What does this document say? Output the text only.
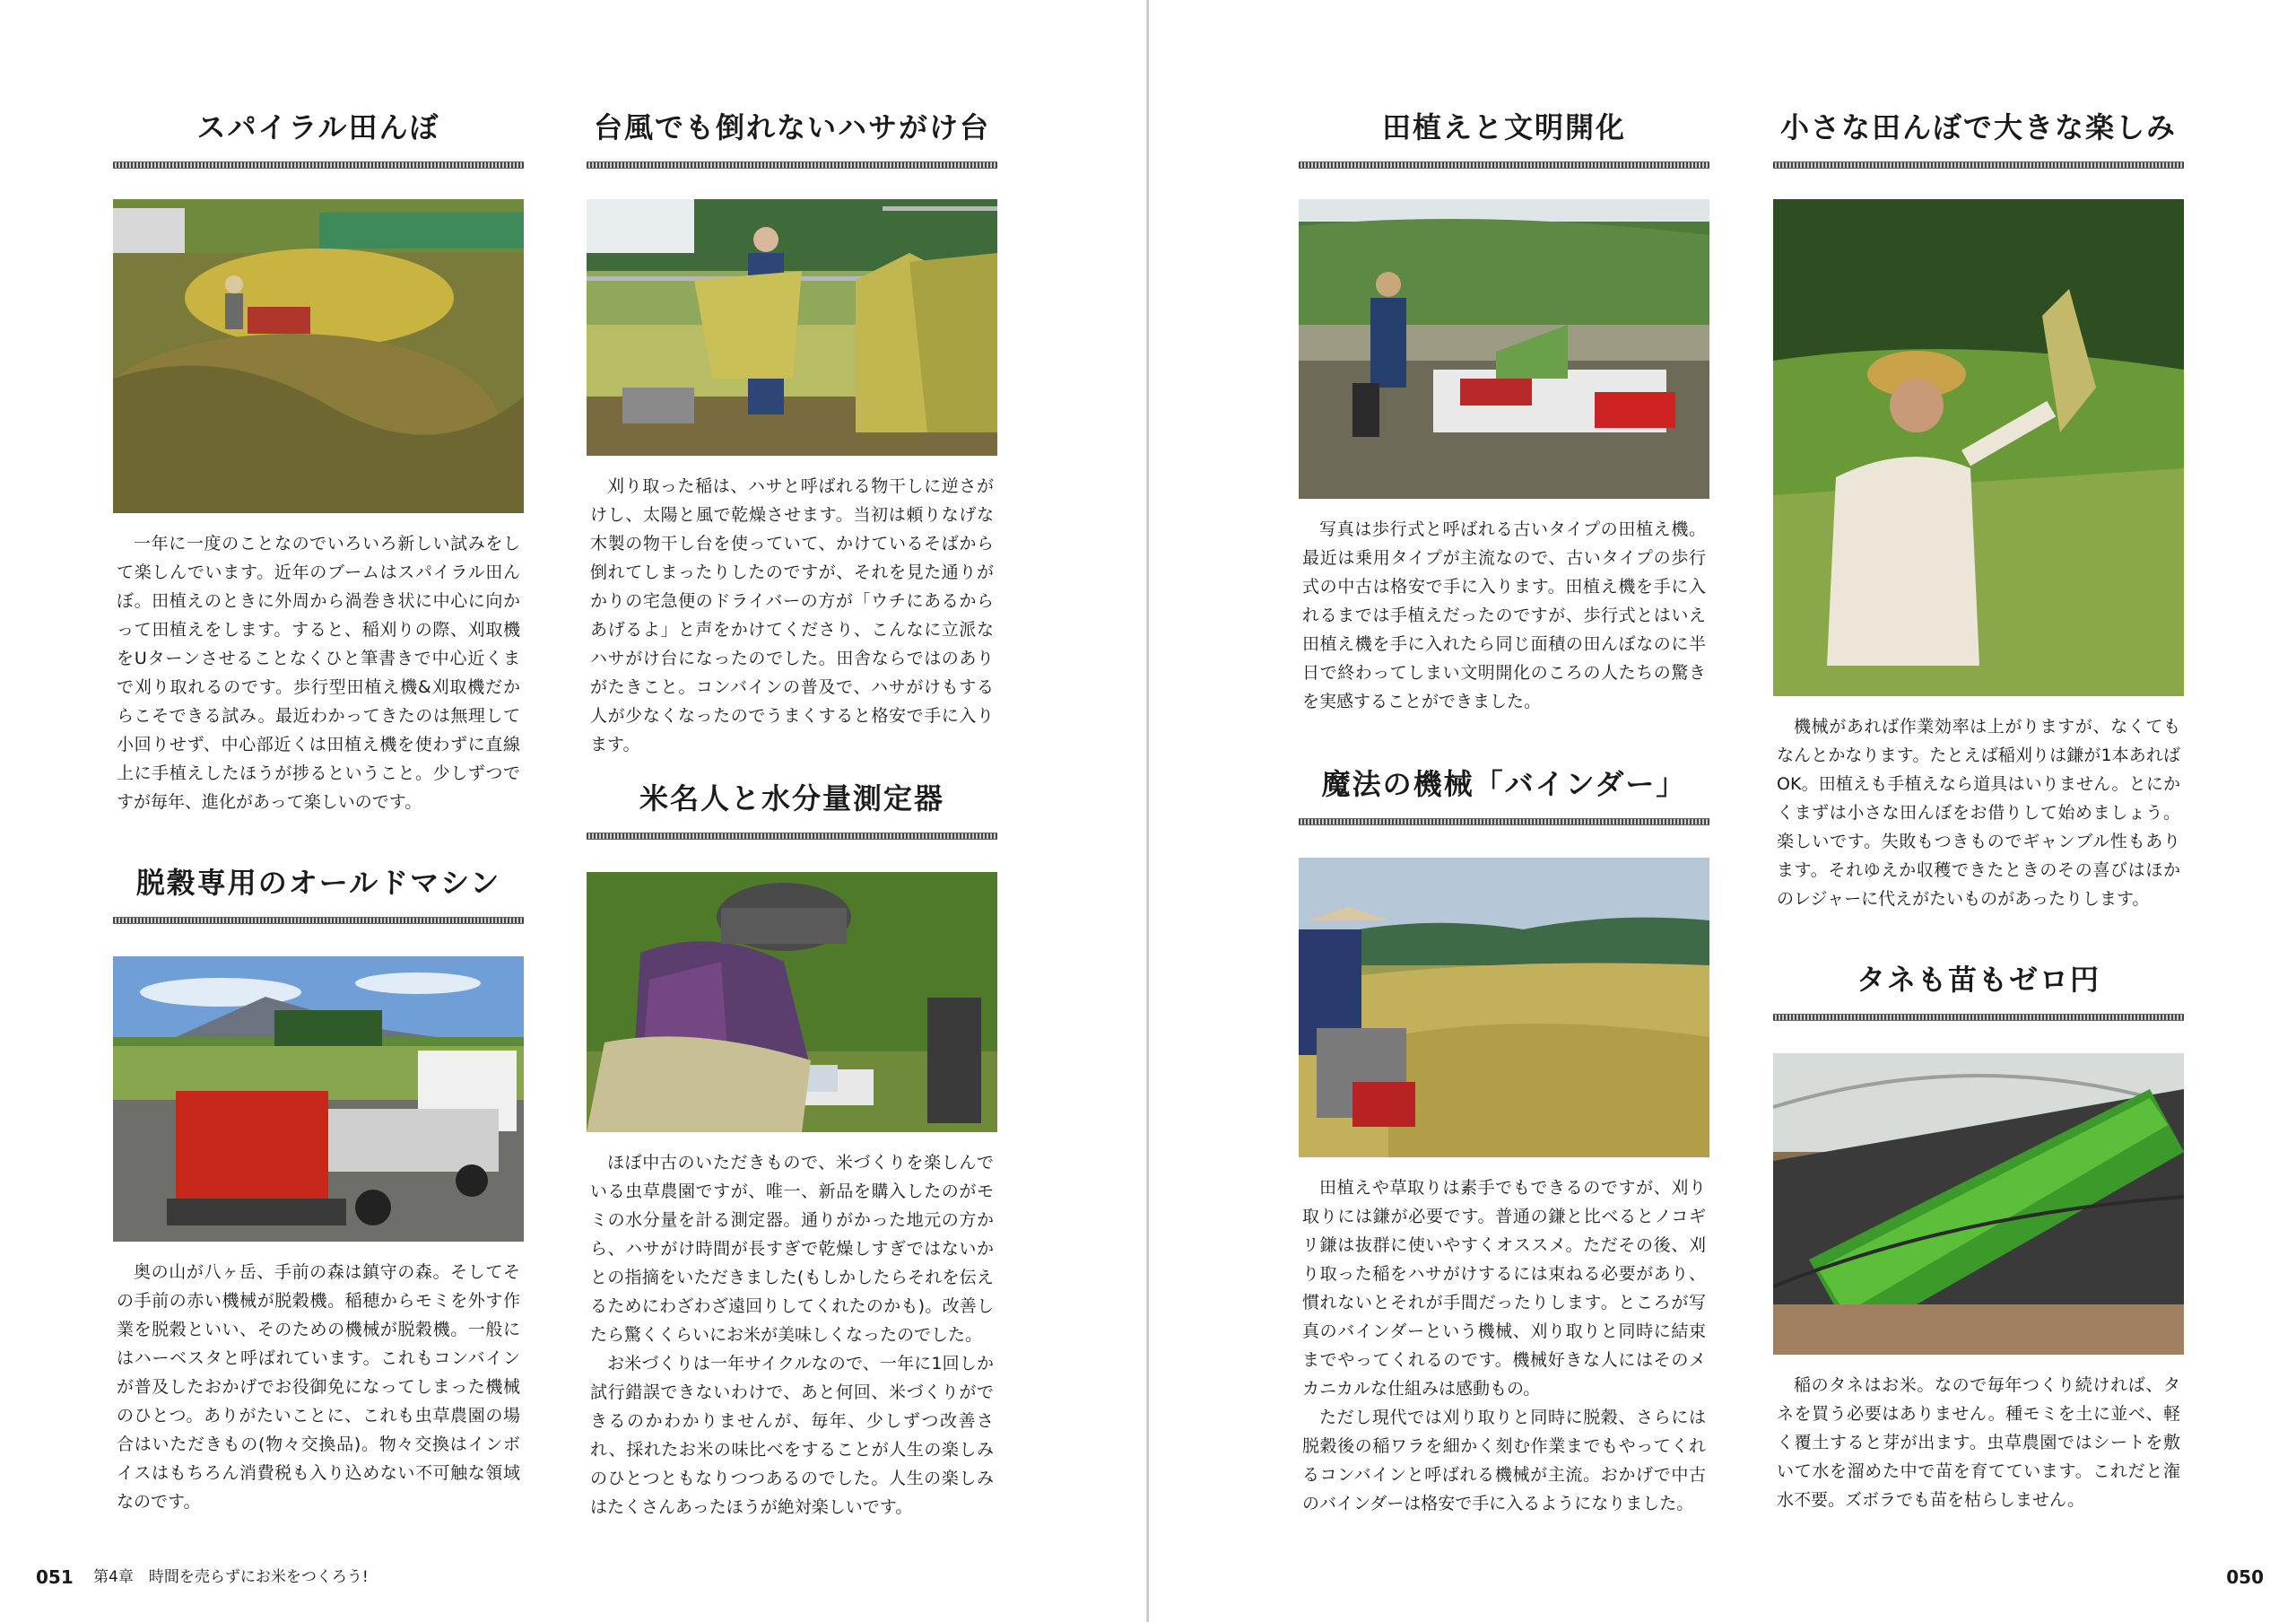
スパイラル田んぼ

一年に一度のことなのでいろいろ新しい試みをして楽しんでいます。近年のブームはスパイラル田んぼ。田植えのときに外周から渦巻き状に中心に向かって田植えをします。すると、稲刈りの際、刈取機をUターンさせることなくひと筆書きで中心近くまで刈り取れるのです。歩行型田植え機&刈取機だからこそできる試み。最近わかってきたのは無理して小回りせず、中心部近くは田植え機を使わずに直線上に手植えしたほうが捗るということ。少しずつですが毎年、進化があって楽しいのです。

脱穀専用のオールドマシン

奥の山が八ヶ岳、手前の森は鎮守の森。そしてその手前の赤い機械が脱穀機。稲穂からモミを外す作業を脱穀といい、そのための機械が脱穀機。一般にはハーベスタと呼ばれています。これもコンバインが普及したおかげでお役御免になってしまった機械のひとつ。ありがたいことに、これも虫草農園の場合はいただきもの(物々交換品)。物々交換はインボイスはもちろん消費税も入り込めない不可触な領域なのです。

台風でも倒れないハサがけ台

刈り取った稲は、ハサと呼ばれる物干しに逆さがけし、太陽と風で乾燥させます。当初は頼りなげな木製の物干し台を使っていて、かけているそばから倒れてしまったりしたのですが、それを見た通りがかりの宅急便のドライバーの方が「ウチにあるからあげるよ」と声をかけてくださり、こんなに立派なハサがけ台になったのでした。田舎ならではのありがたきこと。コンバインの普及で、ハサがけもする人が少なくなったのでうまくすると格安で手に入ります。

米名人と水分量測定器

ほぼ中古のいただきもので、米づくりを楽しんでいる虫草農園ですが、唯一、新品を購入したのがモミの水分量を計る測定器。通りがかった地元の方から、ハサがけ時間が長すぎで乾燥しすぎではないかとの指摘をいただきました(もしかしたらそれを伝えるためにわざわざ遠回りしてくれたのかも)。改善したら驚くくらいにお米が美味しくなったのでした。

お米づくりは一年サイクルなので、一年に1回しか試行錯誤できないわけで、あと何回、米づくりができるのかわかりませんが、毎年、少しずつ改善され、採れたお米の味比べをすることが人生の楽しみのひとつともなりつつあるのでした。人生の楽しみはたくさんあったほうが絶対楽しいです。

051 第4章　時間を売らずにお米をつくろう!
田植えと文明開化

写真は歩行式と呼ばれる古いタイプの田植え機。最近は乗用タイプが主流なので、古いタイプの歩行式の中古は格安で手に入ります。田植え機を手に入れるまでは手植えだったのですが、歩行式とはいえ田植え機を手に入れたら同じ面積の田んぼなのに半日で終わってしまい文明開化のころの人たちの驚きを実感することができました。

魔法の機械「バインダー」

田植えや草取りは素手でもできるのですが、刈り取りには鎌が必要です。普通の鎌と比べるとノコギリ鎌は抜群に使いやすくオススメ。ただその後、刈り取った稲をハサがけするには束ねる必要があり、慣れないとそれが手間だったりします。ところが写真のバインダーという機械、刈り取りと同時に結束までやってくれるのです。機械好きな人にはそのメカニカルな仕組みは感動もの。

ただし現代では刈り取りと同時に脱穀、さらには脱穀後の稲ワラを細かく刻む作業までもやってくれるコンバインと呼ばれる機械が主流。おかげで中古のバインダーは格安で手に入るようになりました。

小さな田んぼで大きな楽しみ

機械があれば作業効率は上がりますが、なくてもなんとかなります。たとえば稲刈りは鎌が1本あればOK。田植えも手植えなら道具はいりません。とにかくまずは小さな田んぼをお借りして始めましょう。楽しいです。失敗もつきものでギャンブル性もあります。それゆえか収穫できたときのその喜びはほかのレジャーに代えがたいものがあったりします。

タネも苗もゼロ円

稲のタネはお米。なので毎年つくり続ければ、タネを買う必要はありません。種モミを土に並べ、軽く覆土すると芽が出ます。虫草農園ではシートを敷いて水を溜めた中で苗を育てています。これだと潅水不要。ズボラでも苗を枯らしません。

050
